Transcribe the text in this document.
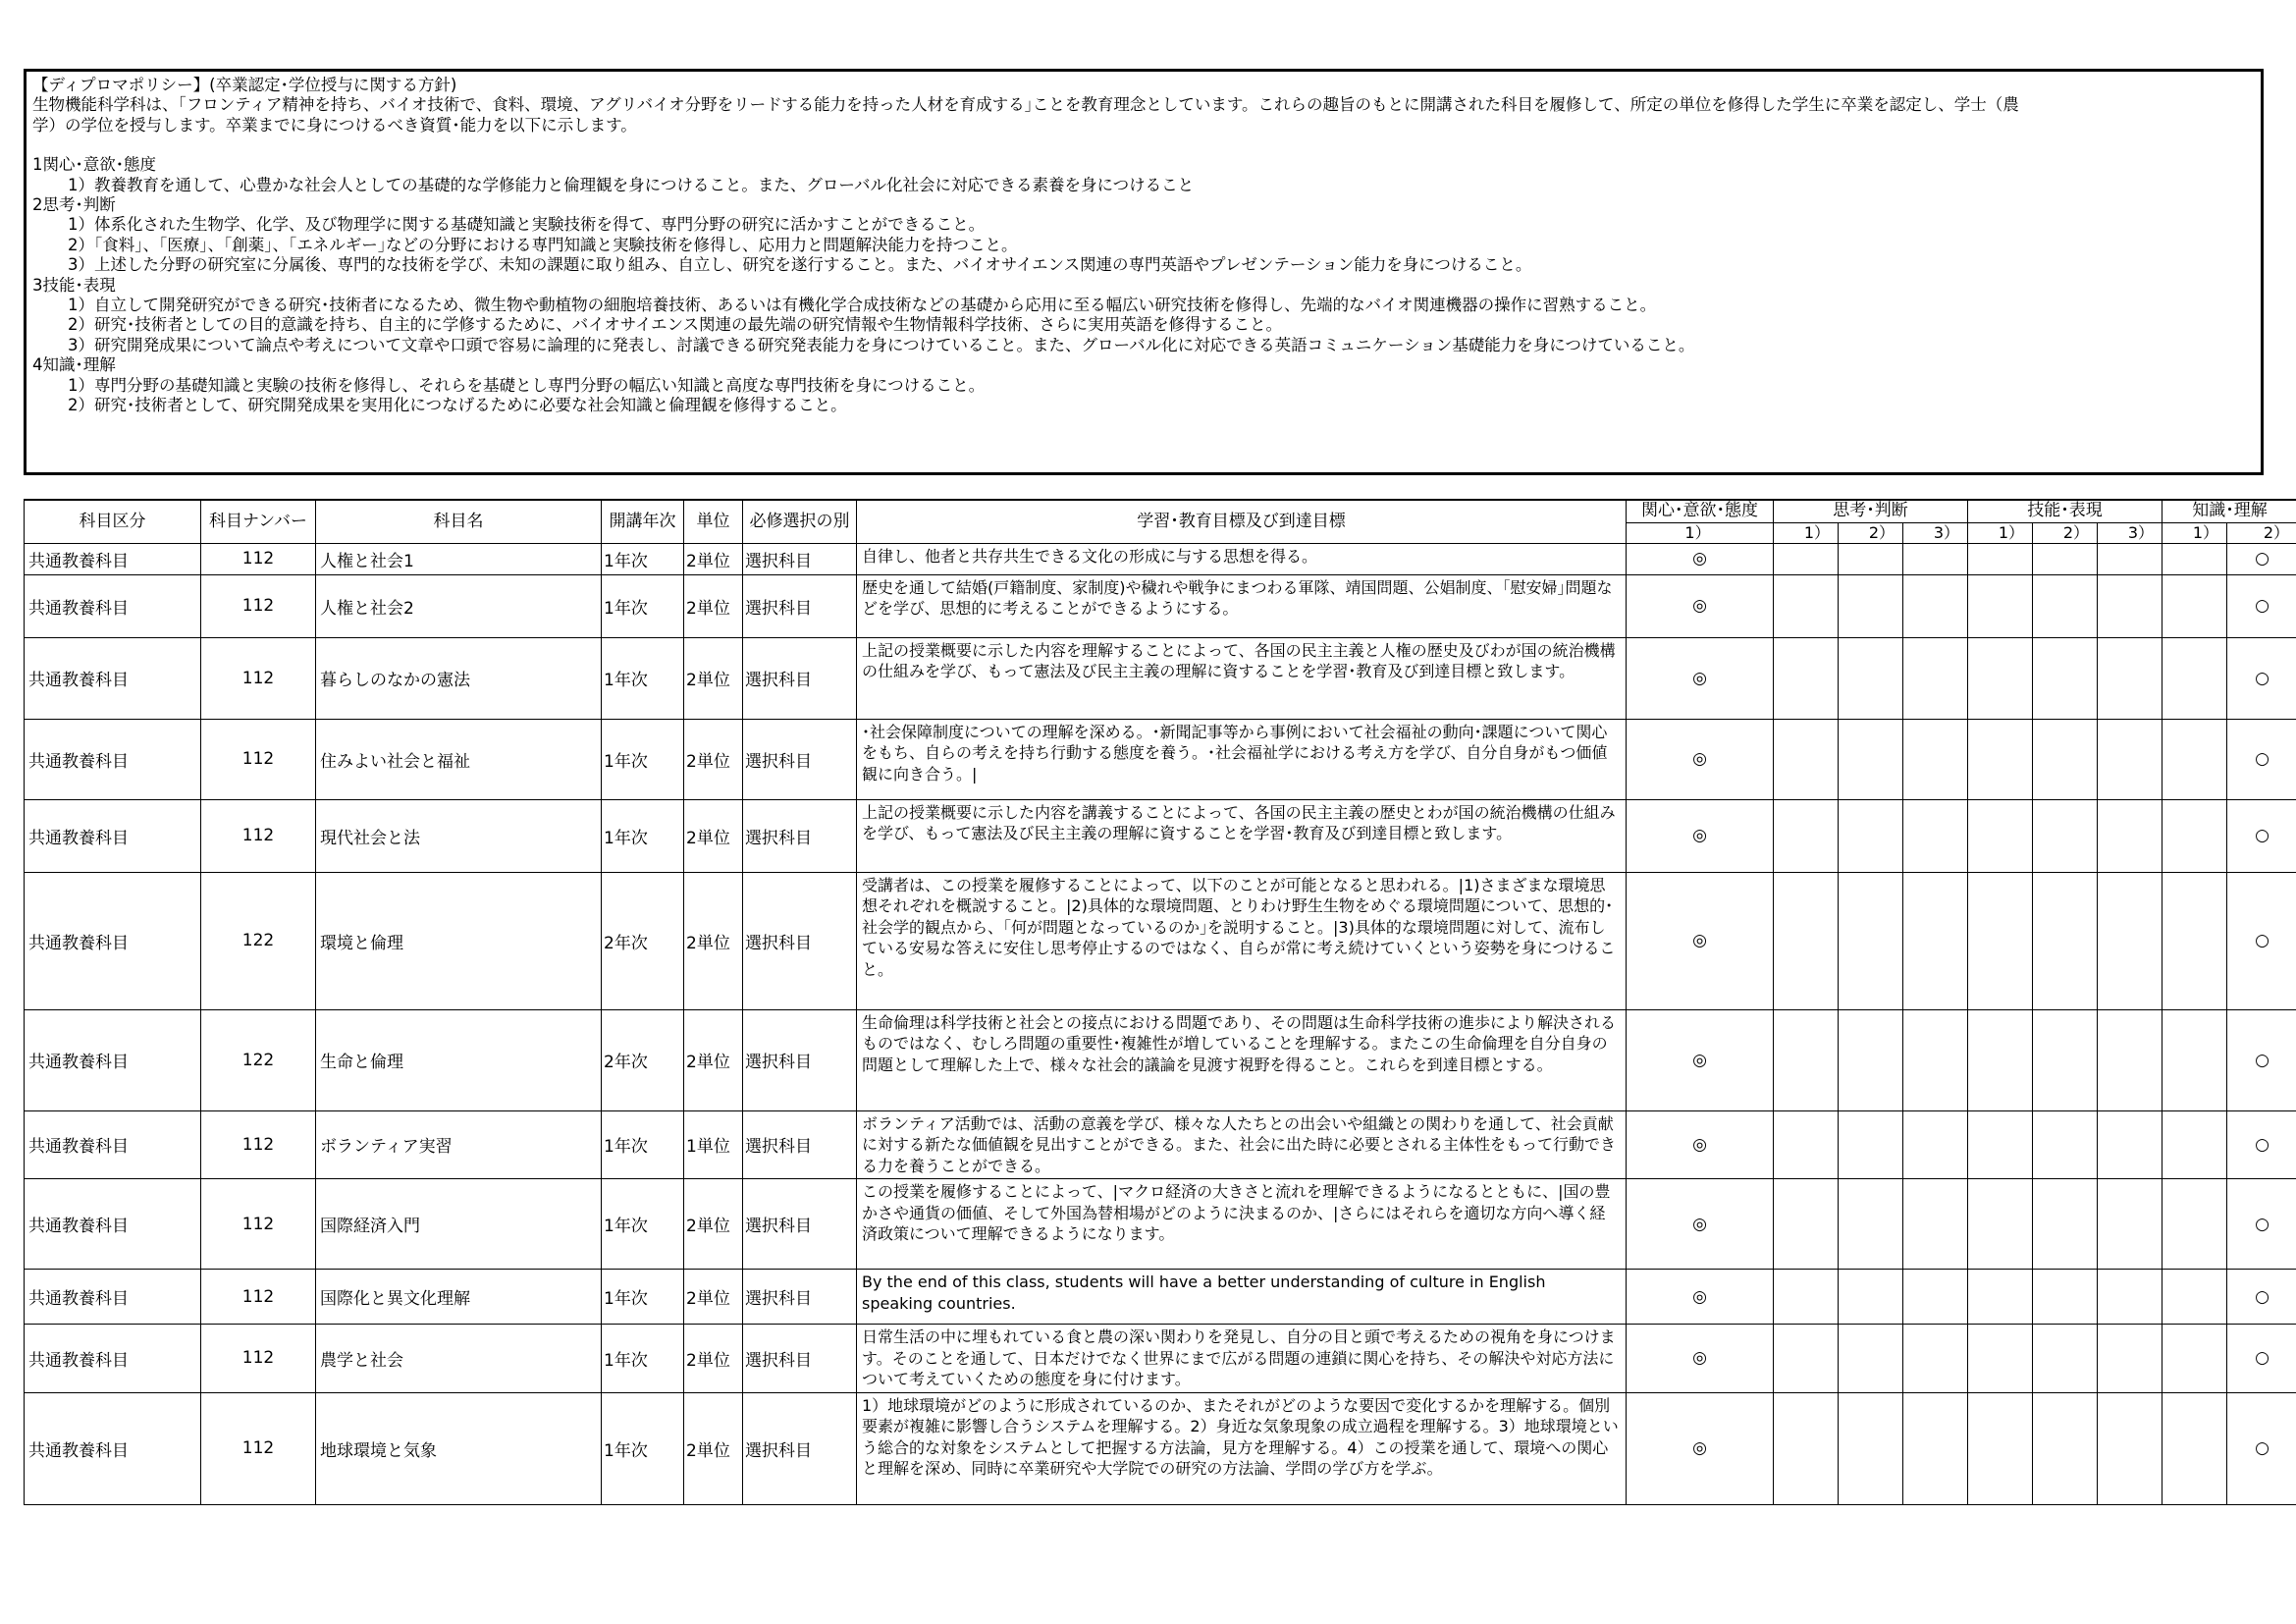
【ディプロマポリシー】(卒業認定･学位授与に関する方針)

生物機能科学科は、｢フロンティア精神を持ち、バイオ技術で、食料、環境、アグリバイオ分野をリードする能力を持った人材を育成する｣ことを教育理念としています。これらの趣旨のもとに開講された科目を履修して、所定の単位を修得した学生に卒業を認定し、学士（農

学）の学位を授与します。卒業までに身につけるべき資質･能力を以下に示します。

1関心･意欲･態度

1）教養教育を通して、心豊かな社会人としての基礎的な学修能力と倫理観を身につけること。また、グローバル化社会に対応できる素養を身につけること

2思考･判断

1）体系化された生物学、化学、及び物理学に関する基礎知識と実験技術を得て、専門分野の研究に活かすことができること。

2）｢食料｣、｢医療｣、｢創薬｣、｢エネルギー｣などの分野における専門知識と実験技術を修得し、応用力と問題解決能力を持つこと。

3）上述した分野の研究室に分属後、専門的な技術を学び、未知の課題に取り組み、自立し、研究を遂行すること。また、バイオサイエンス関連の専門英語やプレゼンテーション能力を身につけること。

3技能･表現

1）自立して開発研究ができる研究･技術者になるため、微生物や動植物の細胞培養技術、あるいは有機化学合成技術などの基礎から応用に至る幅広い研究技術を修得し、先端的なバイオ関連機器の操作に習熟すること。

2）研究･技術者としての目的意識を持ち、自主的に学修するために、バイオサイエンス関連の最先端の研究情報や生物情報科学技術、さらに実用英語を修得すること。

3）研究開発成果について論点や考えについて文章や口頭で容易に論理的に発表し、討議できる研究発表能力を身につけていること。また、グローバル化に対応できる英語コミュニケーション基礎能力を身につけていること。

4知識･理解

1）専門分野の基礎知識と実験の技術を修得し、それらを基礎とし専門分野の幅広い知識と高度な専門技術を身につけること。

2）研究･技術者として、研究開発成果を実用化につなげるために必要な社会知識と倫理観を修得すること。

科目区分	科目ナンバー	科目名	開講年次	単位	必修選択の別	学習･教育目標及び到達目標	関心･意欲･態度	思考･判断			技能･表現			知識･理解	
							1）	1）	2）	3）	1）	2）	3）	1）	2）
共通教養科目	112	人権と社会1	1年次	2単位	選択科目	自律し、他者と共存共生できる文化の形成に与する思想を得る。	◎								○
共通教養科目	112	人権と社会2	1年次	2単位	選択科目	歴史を通して結婚(戸籍制度、家制度)や穢れや戦争にまつわる軍隊、靖国問題、公娼制度、｢慰安婦｣問題などを学び、思想的に考えることができるようにする。	◎								○
共通教養科目	112	暮らしのなかの憲法	1年次	2単位	選択科目	上記の授業概要に示した内容を理解することによって、各国の民主主義と人権の歴史及びわが国の統治機構の仕組みを学び、もって憲法及び民主主義の理解に資することを学習･教育及び到達目標と致します。	◎								○
共通教養科目	112	住みよい社会と福祉	1年次	2単位	選択科目	･社会保障制度についての理解を深める。･新聞記事等から事例において社会福祉の動向･課題について関心をもち、自らの考えを持ち行動する態度を養う。･社会福祉学における考え方を学び、自分自身がもつ価値観に向き合う。|	◎								○
共通教養科目	112	現代社会と法	1年次	2単位	選択科目	上記の授業概要に示した内容を講義することによって、各国の民主主義の歴史とわが国の統治機構の仕組みを学び、もって憲法及び民主主義の理解に資することを学習･教育及び到達目標と致します。	◎								○
共通教養科目	122	環境と倫理	2年次	2単位	選択科目	受講者は、この授業を履修することによって、以下のことが可能となると思われる。|1)さまざまな環境思想それぞれを概説すること。|2)具体的な環境問題、とりわけ野生生物をめぐる環境問題について、思想的･社会学的観点から、｢何が問題となっているのか｣を説明すること。|3)具体的な環境問題に対して、流布している安易な答えに安住し思考停止するのではなく、自らが常に考え続けていくという姿勢を身につけること。	◎								○
共通教養科目	122	生命と倫理	2年次	2単位	選択科目	生命倫理は科学技術と社会との接点における問題であり、その問題は生命科学技術の進歩により解決されるものではなく、むしろ問題の重要性･複雑性が増していることを理解する。またこの生命倫理を自分自身の問題として理解した上で、様々な社会的議論を見渡す視野を得ること。これらを到達目標とする。	◎								○
共通教養科目	112	ボランティア実習	1年次	1単位	選択科目	ボランティア活動では、活動の意義を学び、様々な人たちとの出会いや組織との関わりを通して、社会貢献に対する新たな価値観を見出すことができる。また、社会に出た時に必要とされる主体性をもって行動できる力を養うことができる。	◎								○
共通教養科目	112	国際経済入門	1年次	2単位	選択科目	この授業を履修することによって、|マクロ経済の大きさと流れを理解できるようになるとともに、|国の豊かさや通貨の価値、そして外国為替相場がどのように決まるのか、|さらにはそれらを適切な方向へ導く経済政策について理解できるようになります。	◎								○
共通教養科目	112	国際化と異文化理解	1年次	2単位	選択科目	By the end of this class, students will have a better understanding of culture in English speaking countries.	◎								○
共通教養科目	112	農学と社会	1年次	2単位	選択科目	日常生活の中に埋もれている食と農の深い関わりを発見し、自分の目と頭で考えるための視角を身につけます。そのことを通して、日本だけでなく世界にまで広がる問題の連鎖に関心を持ち、その解決や対応方法について考えていくための態度を身に付けます。	◎								○
共通教養科目	112	地球環境と気象	1年次	2単位	選択科目	1）地球環境がどのように形成されているのか、またそれがどのような要因で変化するかを理解する。個別要素が複雑に影響し合うシステムを理解する。2）身近な気象現象の成立過程を理解する。3）地球環境という総合的な対象をシステムとして把握する方法論，見方を理解する。4）この授業を通して、環境への関心と理解を深め、同時に卒業研究や大学院での研究の方法論、学問の学び方を学ぶ。	◎								○
